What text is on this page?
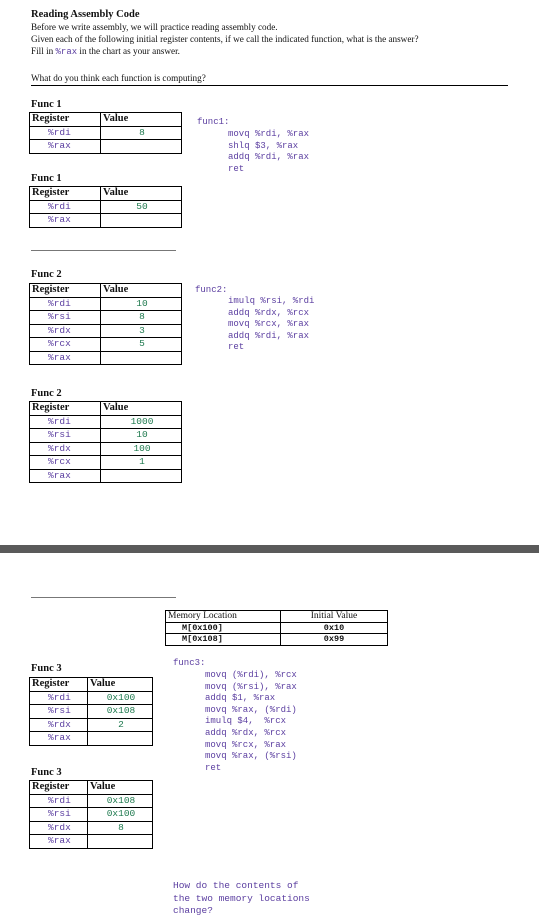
Reading Assembly Code
Before we write assembly, we will practice reading assembly code.
Given each of the following initial register contents, if we call the indicated function, what is the answer?
Fill in %rax in the chart as your answer.
What do you think each function is computing?
Func 1
Register	Value
%rdi	8
%rax	
func1:
movq %rdi, %rax
shlq $3, %rax
addq %rdi, %rax
ret
Func 1
Register	Value
%rdi	50
%rax	
Func 2
Register	Value
%rdi	10
%rsi	8
%rdx	3
%rcx	5
%rax	
func2:
imulq %rsi, %rdi
addq %rdx, %rcx
movq %rcx, %rax
addq %rdi, %rax
ret
Func 2
Register	Value
%rdi	1000
%rsi	10
%rdx	100
%rcx	1
%rax	
Memory Location	Initial Value
M[0x100]	0x10
M[0x108]	0x99
func3:
movq (%rdi), %rcx
movq (%rsi), %rax
addq $1, %rax
movq %rax, (%rdi)
imulq $4,  %rcx
addq %rdx, %rcx
movq %rcx, %rax
movq %rax, (%rsi)
ret
Func 3
Register	Value
%rdi	0x100
%rsi	0x108
%rdx	2
%rax	
Func 3
Register	Value
%rdi	0x108
%rsi	0x100
%rdx	8
%rax	
How do the contents of
the two memory locations
change?
